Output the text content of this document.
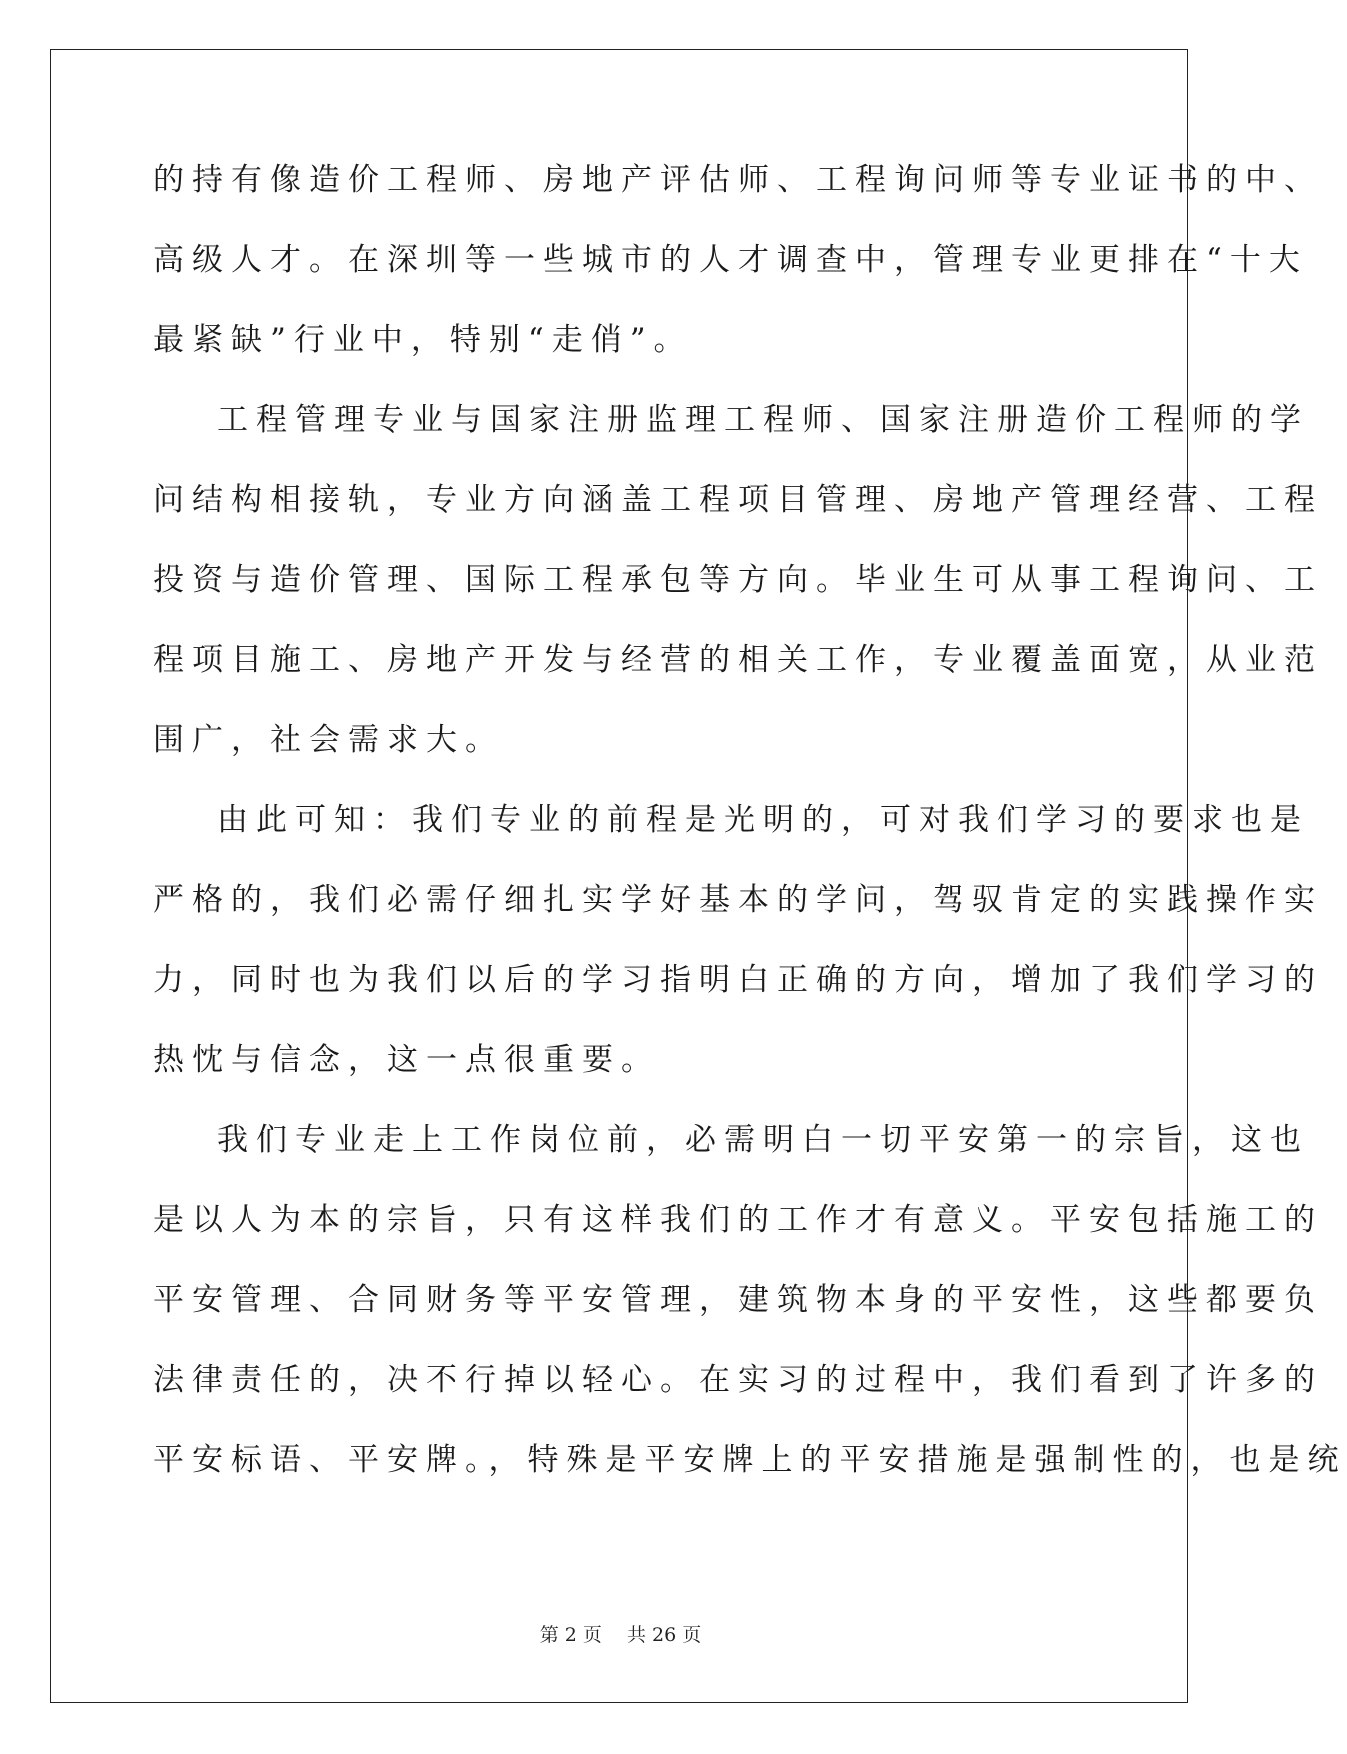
的持有像造价工程师、房地产评估师、工程询问师等专业证书的中、
高级人才。在深圳等一些城市的人才调查中，管理专业更排在“十大
最紧缺”行业中，特别“走俏”。
工程管理专业与国家注册监理工程师、国家注册造价工程师的学
问结构相接轨，专业方向涵盖工程项目管理、房地产管理经营、工程
投资与造价管理、国际工程承包等方向。毕业生可从事工程询问、工
程项目施工、房地产开发与经营的相关工作，专业覆盖面宽，从业范
围广，社会需求大。
由此可知：我们专业的前程是光明的，可对我们学习的要求也是
严格的，我们必需仔细扎实学好基本的学问，驾驭肯定的实践操作实
力，同时也为我们以后的学习指明白正确的方向，增加了我们学习的
热忱与信念，这一点很重要。
我们专业走上工作岗位前，必需明白一切平安第一的宗旨，这也
是以人为本的宗旨，只有这样我们的工作才有意义。平安包括施工的
平安管理、合同财务等平安管理，建筑物本身的平安性，这些都要负
法律责任的，决不行掉以轻心。在实习的过程中，我们看到了许多的
平安标语、平安牌。，特殊是平安牌上的平安措施是强制性的，也是统
第 2 页　 共 26 页
